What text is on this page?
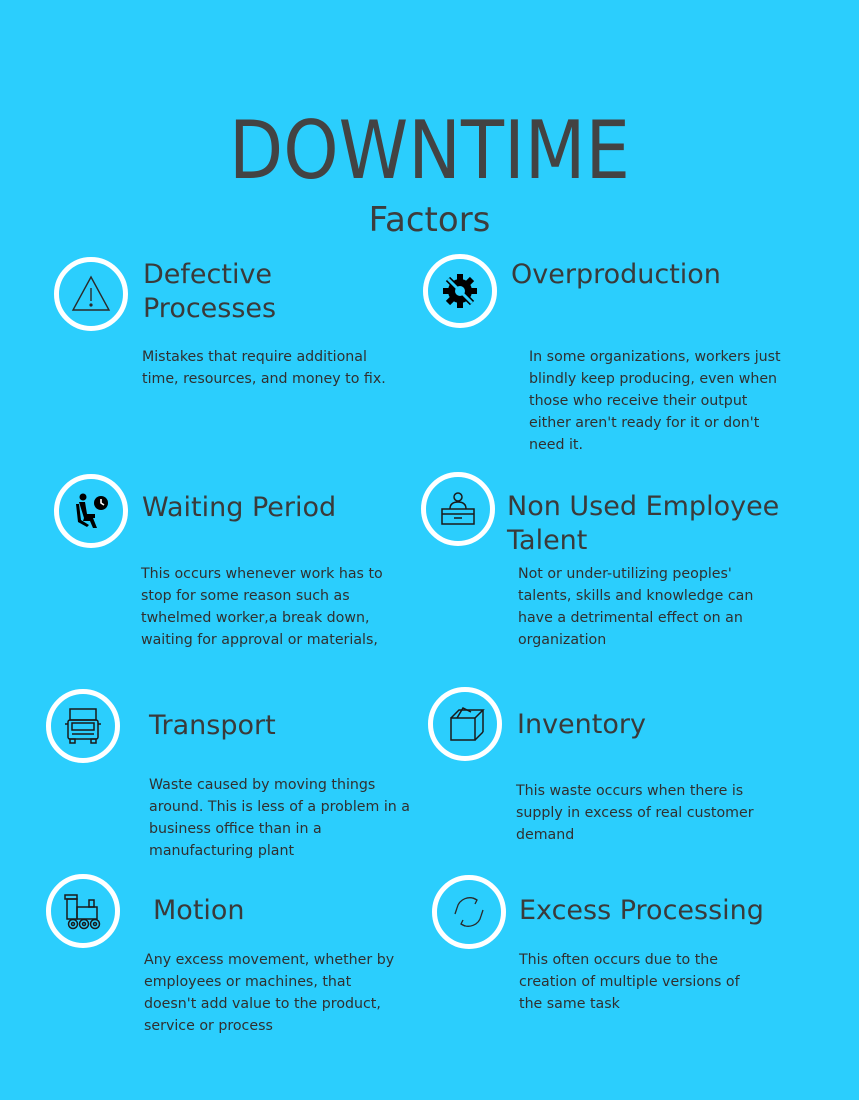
DOWNTIME
Factors
Defective
Processes
Mistakes that require additional time, resources, and money to fix.
Overproduction
In some organizations, workers just blindly keep producing, even when those who receive their output either aren't ready for it or don't need it.
Waiting Period
This occurs whenever work has to stop for some reason such as twhelmed worker,a break down, waiting for approval or materials,
Non Used Employee
Talent
Not or under-utilizing peoples' talents, skills and knowledge can have a detrimental effect on an organization
Transport
Waste caused by moving things around. This is less of a problem in a business office than in a manufacturing plant
Inventory
This waste occurs when there is supply in excess of real customer demand
Motion
Any excess movement, whether by employees or machines, that doesn't add value to the product, service or process
Excess Processing
This often occurs due to the creation of multiple versions of the same task
